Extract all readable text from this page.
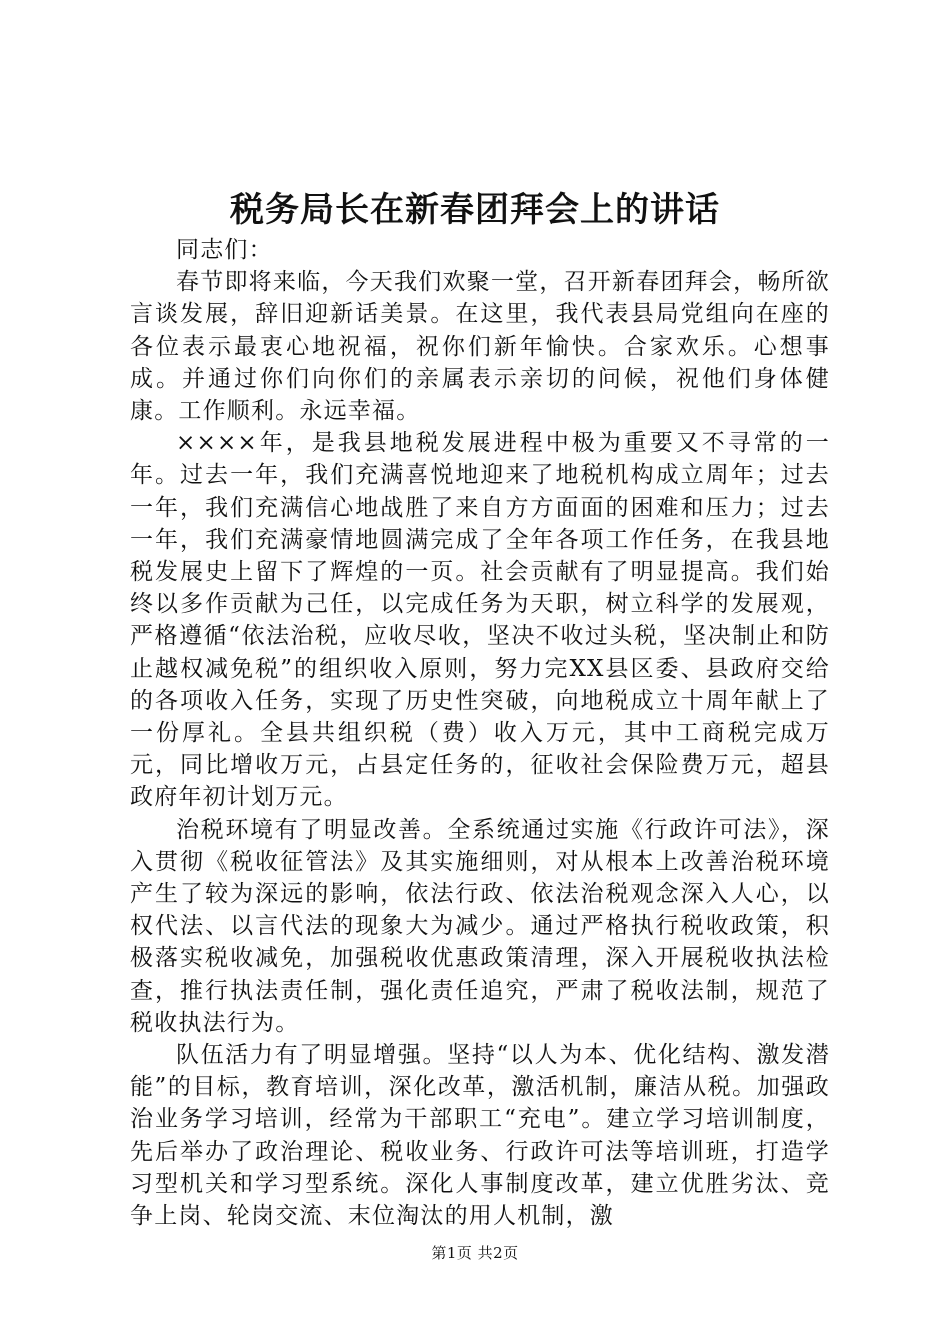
税务局长在新春团拜会上的讲话

同志们：

春节即将来临，今天我们欢聚一堂，召开新春团拜会，畅所欲言谈发展，辞旧迎新话美景。在这里，我代表县局党组向在座的各位表示最衷心地祝福，祝你们新年愉快。合家欢乐。心想事成。并通过你们向你们的亲属表示亲切的问候，祝他们身体健康。工作顺利。永远幸福。

××××年，是我县地税发展进程中极为重要又不寻常的一年。过去一年，我们充满喜悦地迎来了地税机构成立周年；过去一年，我们充满信心地战胜了来自方方面面的困难和压力；过去一年，我们充满豪情地圆满完成了全年各项工作任务，在我县地税发展史上留下了辉煌的一页。社会贡献有了明显提高。我们始终以多作贡献为己任，以完成任务为天职，树立科学的发展观，严格遵循“依法治税，应收尽收，坚决不收过头税，坚决制止和防止越权减免税”的组织收入原则，努力完XX县区委、县政府交给的各项收入任务，实现了历史性突破，向地税成立十周年献上了一份厚礼。全县共组织税（费）收入万元，其中工商税完成万元，同比增收万元，占县定任务的，征收社会保险费万元，超县政府年初计划万元。

治税环境有了明显改善。全系统通过实施《行政许可法》，深入贯彻《税收征管法》及其实施细则，对从根本上改善治税环境产生了较为深远的影响，依法行政、依法治税观念深入人心，以权代法、以言代法的现象大为减少。通过严格执行税收政策，积极落实税收减免，加强税收优惠政策清理，深入开展税收执法检查，推行执法责任制，强化责任追究，严肃了税收法制，规范了税收执法行为。

队伍活力有了明显增强。坚持“以人为本、优化结构、激发潜能”的目标，教育培训，深化改革，激活机制，廉洁从税。加强政治业务学习培训，经常为干部职工“充电”。建立学习培训制度，先后举办了政治理论、税收业务、行政许可法等培训班，打造学习型机关和学习型系统。深化人事制度改革，建立优胜劣汰、竞争上岗、轮岗交流、末位淘汰的用人机制，激

第1页 共2页
